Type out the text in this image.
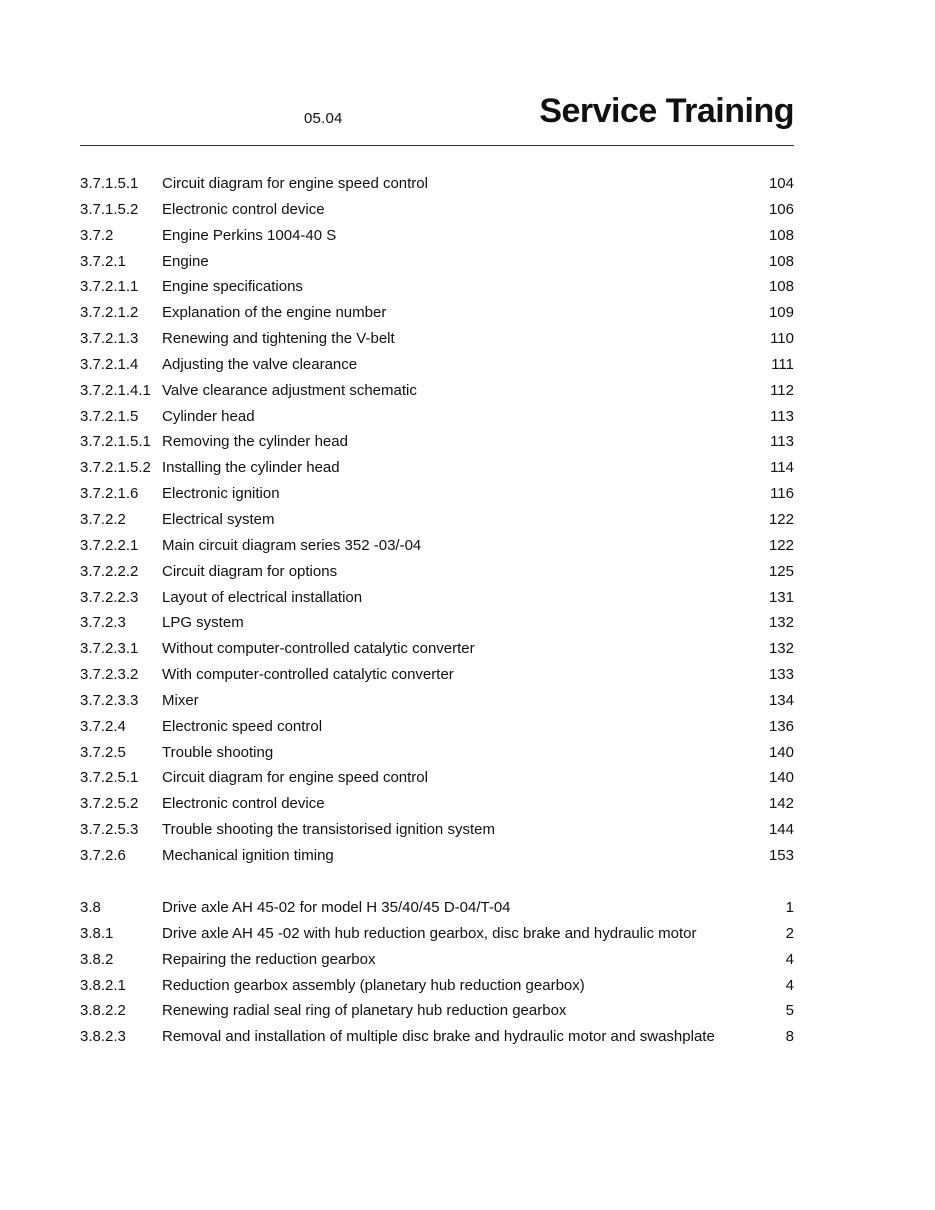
05.04	Service Training
3.7.1.5.1 Circuit diagram for engine speed control	104
3.7.1.5.2 Electronic control device	106
3.7.2	Engine Perkins 1004-40 S	108
3.7.2.1 Engine	108
3.7.2.1.1 Engine specifications	108
3.7.2.1.2 Explanation of the engine number	109
3.7.2.1.3 Renewing and tightening the V-belt	110
3.7.2.1.4 Adjusting the valve clearance	111
3.7.2.1.4.1 Valve clearance adjustment schematic	112
3.7.2.1.5 Cylinder head	113
3.7.2.1.5.1 Removing the cylinder head	113
3.7.2.1.5.2 Installing the cylinder head	114
3.7.2.1.6 Electronic ignition	116
3.7.2.2 Electrical system	122
3.7.2.2.1 Main circuit diagram series 352 -03/-04	122
3.7.2.2.2 Circuit diagram for options	125
3.7.2.2.3 Layout of electrical installation	131
3.7.2.3 LPG system	132
3.7.2.3.1 Without computer-controlled catalytic converter	132
3.7.2.3.2 With computer-controlled catalytic converter	133
3.7.2.3.3 Mixer	134
3.7.2.4 Electronic speed control	136
3.7.2.5 Trouble shooting	140
3.7.2.5.1 Circuit diagram for engine speed control	140
3.7.2.5.2 Electronic control device	142
3.7.2.5.3 Trouble shooting the transistorised ignition system	144
3.7.2.6 Mechanical ignition timing	153
3.8	Drive axle AH 45-02 for model H 35/40/45 D-04/T-04	1
3.8.1	Drive axle AH 45 -02 with hub reduction gearbox, disc brake and hydraulic motor	2
3.8.2	Repairing the reduction gearbox	4
3.8.2.1 Reduction gearbox assembly (planetary hub reduction gearbox)	4
3.8.2.2 Renewing radial seal ring of planetary hub reduction gearbox	5
3.8.2.3 Removal and installation of multiple disc brake and hydraulic motor and swashplate	8
